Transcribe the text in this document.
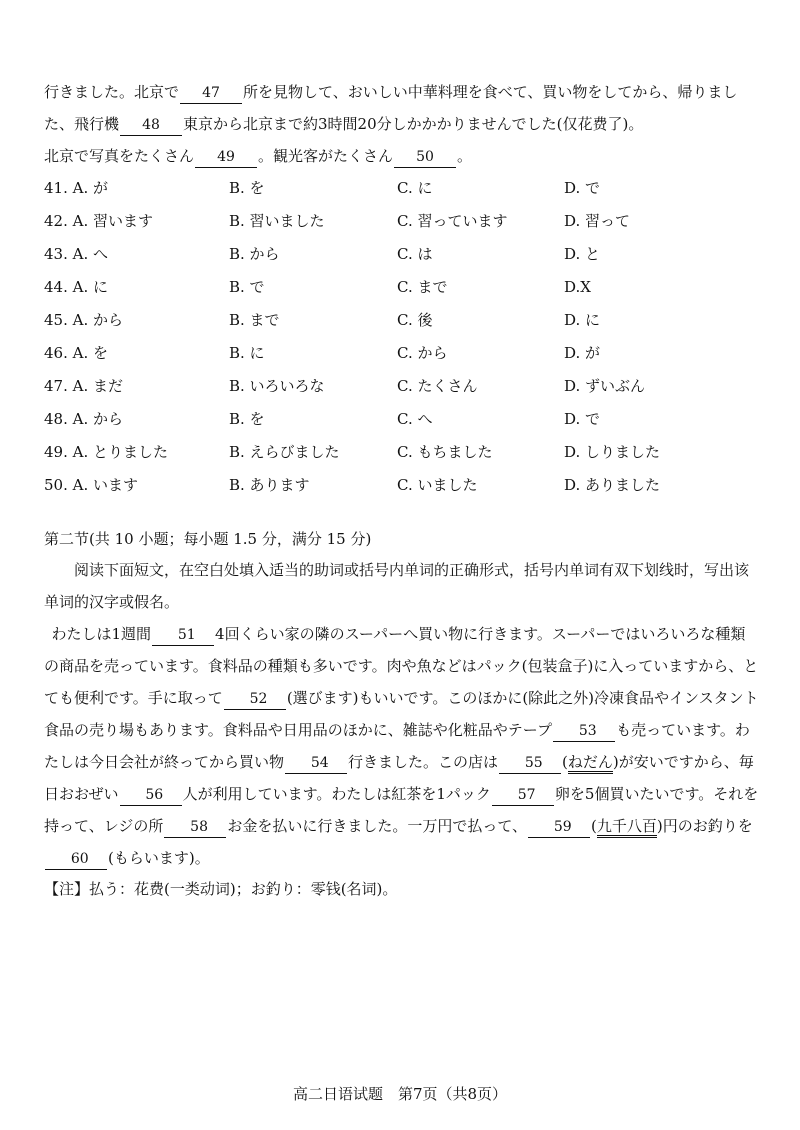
行きました。北京で 47 所を見物して、おいしい中華料理を食べて、買い物をしてから、帰りました、飛行機 48 東京から北京まで約3時間20分しかかかりませんでした(仅花费了)。
北京で写真をたくさん 49 。観光客がたくさん 50 。

41. A. が	B. を	C. に	D. で
42. A. 習います	B. 習いました	C. 習っています	D. 習って
43. A. へ	B. から	C. は	D. と
44. A. に	B. で	C. まで	D.X
45. A. から	B. まで	C. 後	D. に
46. A. を	B. に	C. から	D. が
47. A. まだ	B. いろいろな	C. たくさん	D. ずいぶん
48. A. から	B. を	C. へ	D. で
49. A. とりました	B. えらびました	C. もちました	D. しりました
50. A. います	B. あります	C. いました	D. ありました
第二节(共 10 小题；每小题 1.5 分，满分 15 分)

阅读下面短文，在空白处填入适当的助词或括号内单词的正确形式，括号内单词有双下划线时，写出该单词的汉字或假名。

わたしは1週間 51 4回くらい家の隣のスーパーへ買い物に行きます。スーパーではいろいろな種類の商品を売っています。食料品の種類も多いです。肉や魚などはパック(包装盒子)に入っていますから、とても便利です。手に取って 52 (選びます)もいいです。このほかに(除此之外)冷凍食品やインスタント食品の売り場もあります。食料品や日用品のほかに、雑誌や化粧品やテープ 53 も売っています。わたしは今日会社が終ってから買い物 54 行きました。この店は 55 (ねだん)が安いですから、毎日おおぜい 56 人が利用しています。わたしは紅茶を1パック 57 卵を5個買いたいです。それを持って、レジの所 58 お金を払いに行きました。一万円で払って、 59 (九千八百)円のお釣りを60 (もらいます)。

【注】払う：花费(一类动词)；お釣り：零钱(名词)。
高二日语试题　第7页（共8页）
